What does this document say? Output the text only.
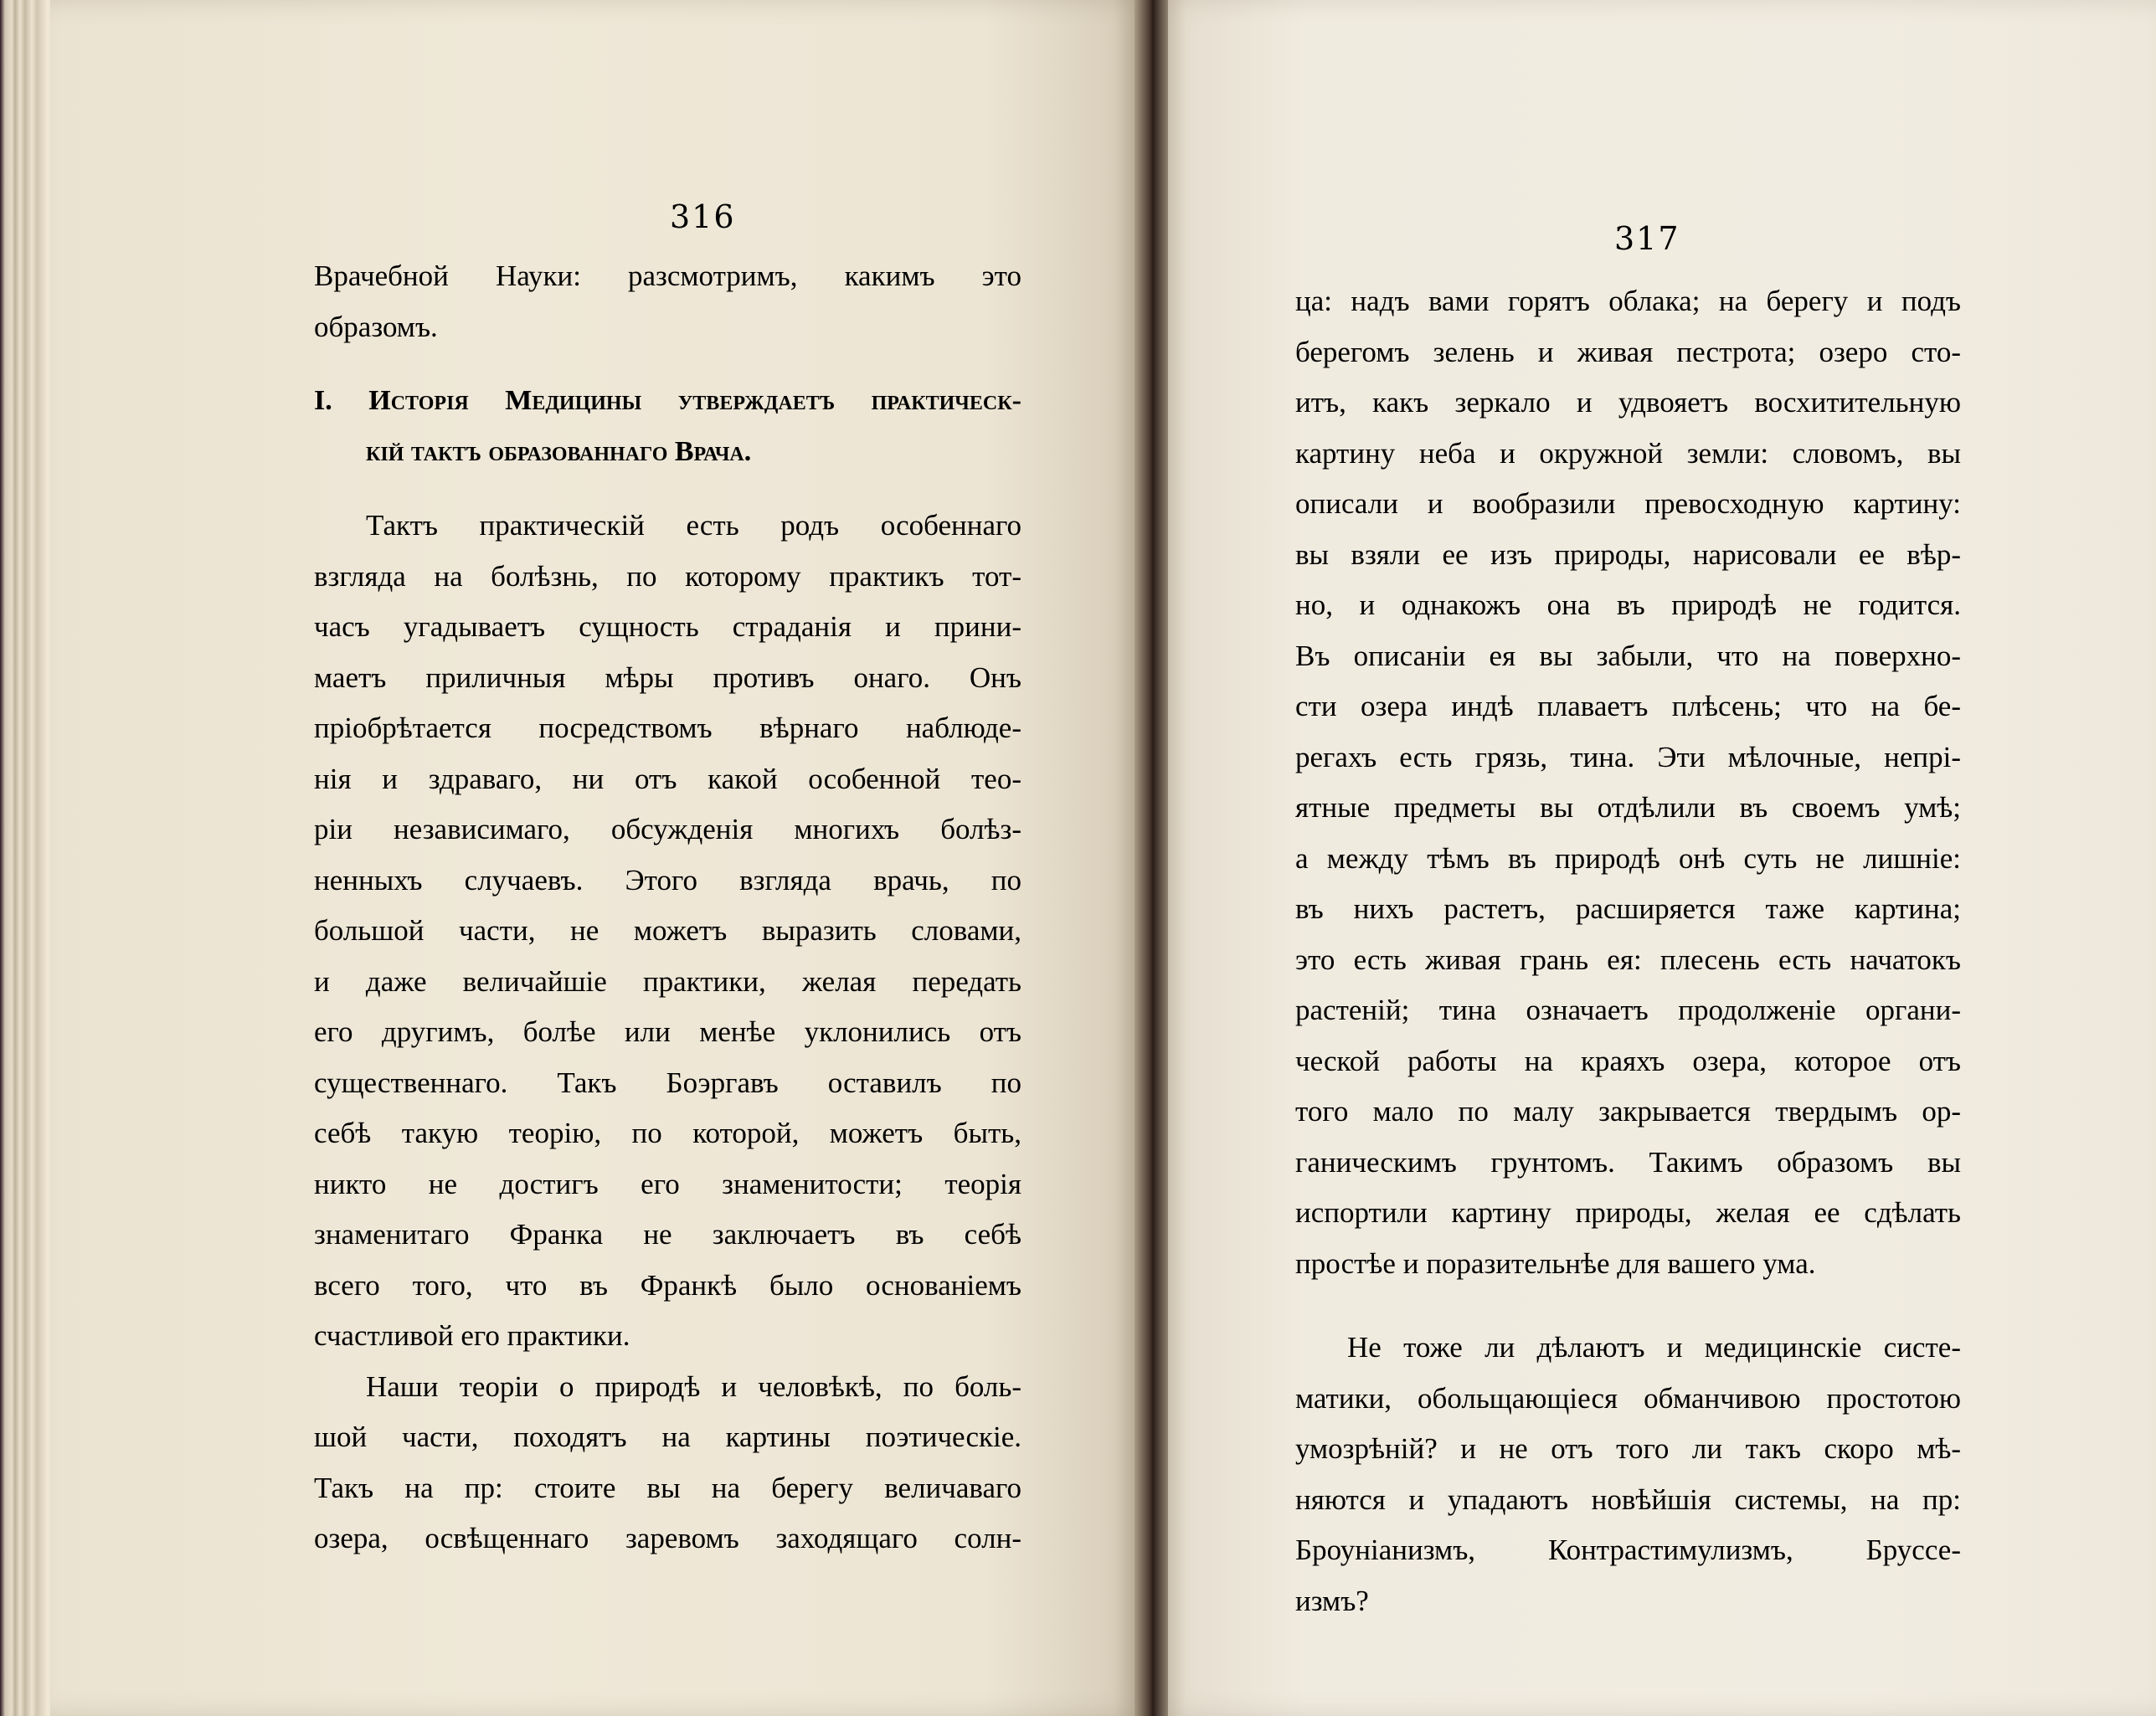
316
317
Врачебной Науки: разсмотримъ, какимъ это
образомъ.
I. Исторія Медицины утверждаетъ практическ-
кій тактъ образованнаго Врача.
Тактъ практическій есть родъ особеннаго
взгляда на болѣзнь, по которому практикъ тот-
часъ угадываетъ сущность страданія и прини-
маетъ приличныя мѣры противъ онаго. Онъ
пріобрѣтается посредствомъ вѣрнаго наблюде-
нія и здраваго, ни отъ какой особенной тео-
ріи независимаго, обсужденія многихъ болѣз-
ненныхъ случаевъ. Этого взгляда врачь, по
большой части, не можетъ выразить словами,
и даже величайшіе практики, желая передать
его другимъ, болѣе или менѣе уклонились отъ
существеннаго. Такъ Боэргавъ оставилъ по
себѣ такую теорію, по которой, можетъ быть,
никто не достигъ его знаменитости; теорія
знаменитаго Франка не заключаетъ въ себѣ
всего того, что въ Франкѣ было основаніемъ
счастливой его практики.
Наши теоріи о природѣ и человѣкѣ, по боль-
шой части, походятъ на картины поэтическіе.
Такъ на пр: стоите вы на берегу величаваго
озера, освѣщеннаго заревомъ заходящаго солн-
ца: надъ вами горятъ облака; на берегу и подъ
берегомъ зелень и живая пестрота; озеро сто-
итъ, какъ зеркало и удвояетъ восхитительную
картину неба и окружной земли: словомъ, вы
описали и вообразили превосходную картину:
вы взяли ее изъ природы, нарисовали ее вѣр-
но, и однакожъ она въ природѣ не годится.
Въ описаніи ея вы забыли, что на поверхно-
сти озера индѣ плаваетъ плѣсень; что на бе-
регахъ есть грязь, тина. Эти мѣлочные, непрі-
ятные предметы вы отдѣлили въ своемъ умѣ;
а между тѣмъ въ природѣ онѣ суть не лишніе:
въ нихъ растетъ, расширяется таже картина;
это есть живая грань ея: плесень есть начатокъ
растеній; тина означаетъ продолженіе органи-
ческой работы на краяхъ озера, которое отъ
того мало по малу закрывается твердымъ ор-
ганическимъ грунтомъ. Такимъ образомъ вы
испортили картину природы, желая ее сдѣлать
простѣе и поразительнѣе для вашего ума.
Не тоже ли дѣлаютъ и медицинскіе систе-
матики, обольщающіеся обманчивою простотою
умозрѣній? и не отъ того ли такъ скоро мѣ-
няются и упадаютъ новѣйшія системы, на пр:
Броуніанизмъ, Контрастимулизмъ, Бруссе-
измъ?
